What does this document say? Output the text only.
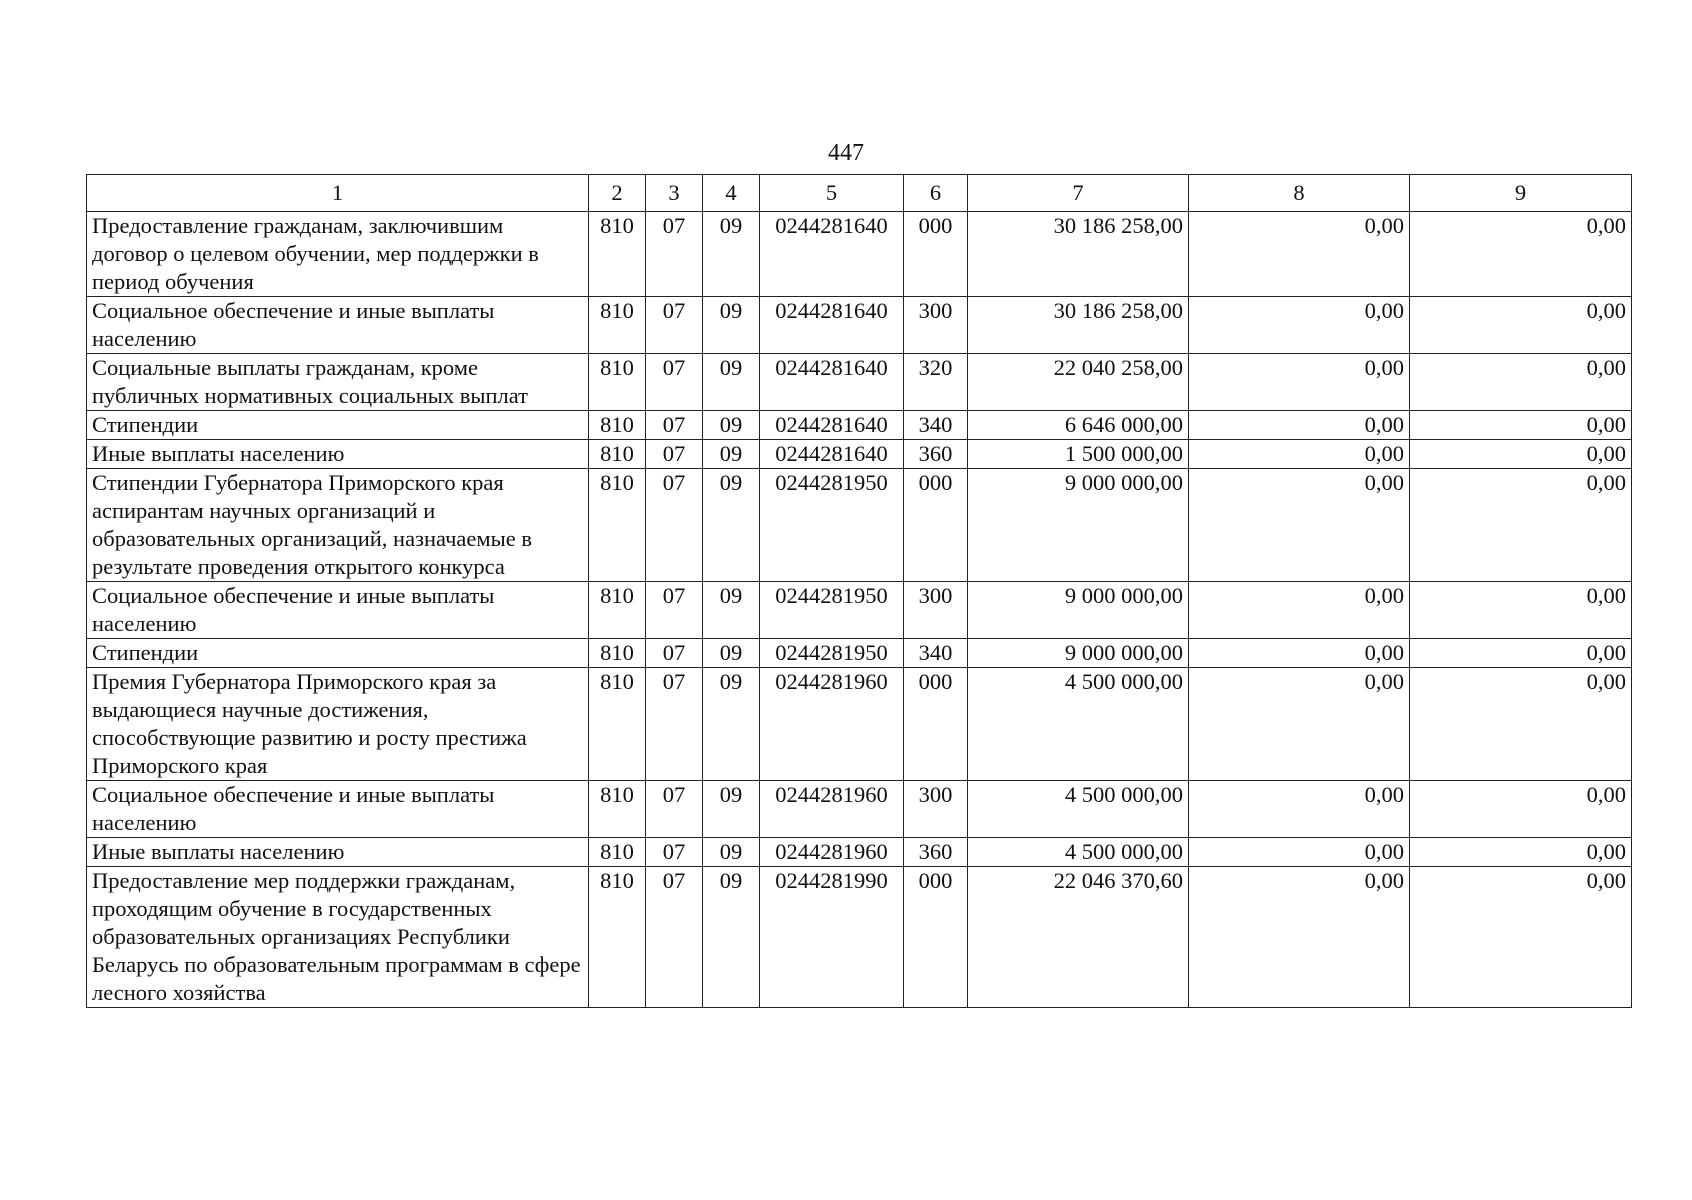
447
1	2	3	4	5	6	7	8	9
Предоставление гражданам, заключившим договор о целевом обучении, мер поддержки в период обучения	810	07	09	0244281640	000	30 186 258,00	0,00	0,00
Социальное обеспечение и иные выплаты населению	810	07	09	0244281640	300	30 186 258,00	0,00	0,00
Социальные выплаты гражданам, кроме публичных нормативных социальных выплат	810	07	09	0244281640	320	22 040 258,00	0,00	0,00
Стипендии	810	07	09	0244281640	340	6 646 000,00	0,00	0,00
Иные выплаты населению	810	07	09	0244281640	360	1 500 000,00	0,00	0,00
Стипендии Губернатора Приморского края аспирантам научных организаций и образовательных организаций, назначаемые в результате проведения открытого конкурса	810	07	09	0244281950	000	9 000 000,00	0,00	0,00
Социальное обеспечение и иные выплаты населению	810	07	09	0244281950	300	9 000 000,00	0,00	0,00
Стипендии	810	07	09	0244281950	340	9 000 000,00	0,00	0,00
Премия Губернатора Приморского края за выдающиеся научные достижения, способствующие развитию и росту престижа Приморского края	810	07	09	0244281960	000	4 500 000,00	0,00	0,00
Социальное обеспечение и иные выплаты населению	810	07	09	0244281960	300	4 500 000,00	0,00	0,00
Иные выплаты населению	810	07	09	0244281960	360	4 500 000,00	0,00	0,00
Предоставление мер поддержки гражданам, проходящим обучение в государственных образовательных организациях Республики Беларусь по образовательным программам в сфере лесного хозяйства	810	07	09	0244281990	000	22 046 370,60	0,00	0,00
